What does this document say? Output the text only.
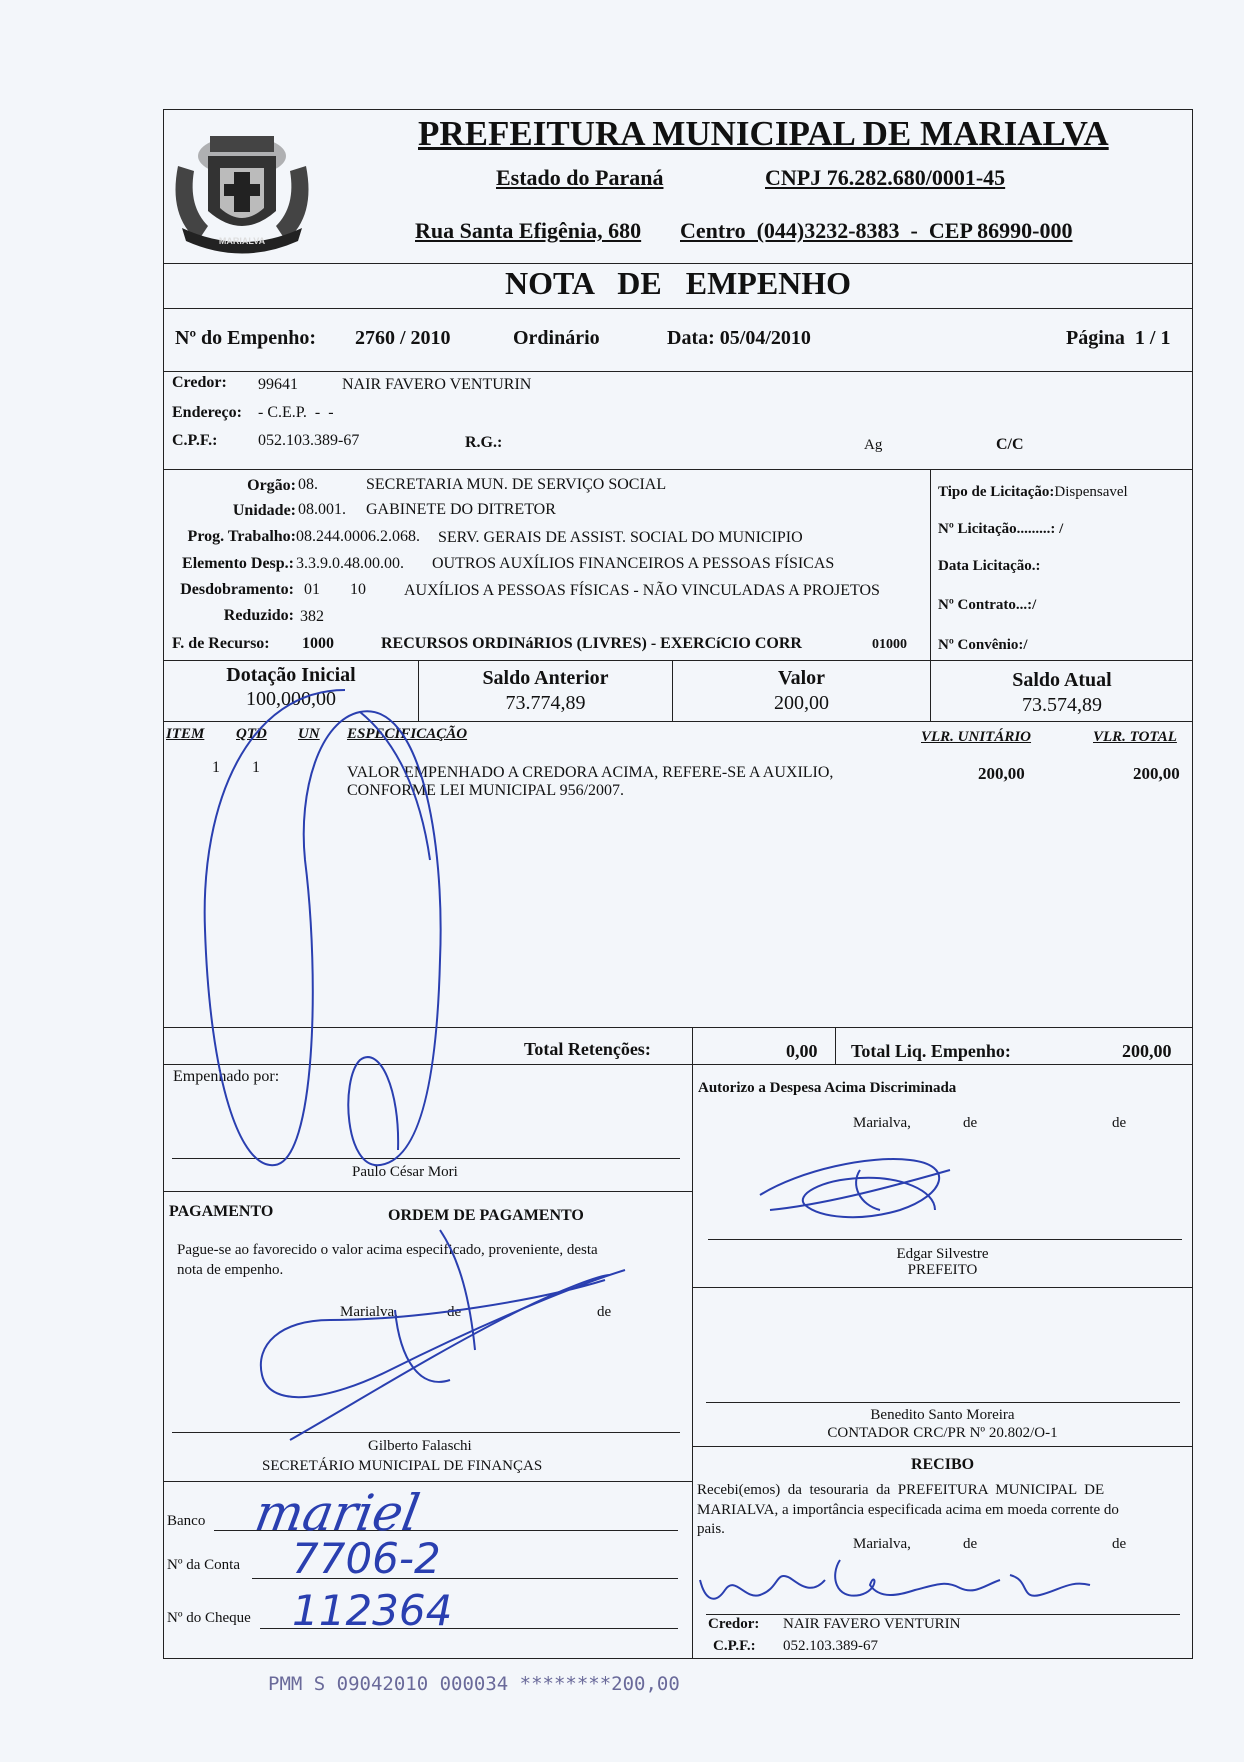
MARIALVA
PREFEITURA MUNICIPAL DE MARIALVA
Estado do Paraná	CNPJ 76.282.680/0001-45
Rua Santa Efigênia, 680 Centro  (044)3232-8383  -  CEP 86990-000
NOTA   DE   EMPENHO
Nº do Empenho: 2760 / 2010	Ordinário	Data: 05/04/2010	Página  1 / 1
Credor: 99641	NAIR FAVERO VENTURIN
Endereço: - C.E.P.  -  -
C.P.F.:	052.103.389-67	R.G.:	Ag	C/C
Orgão: 08.	SECRETARIA MUN. DE SERVIÇO SOCIAL
Unidade: 08.001. GABINETE DO DITRETOR
Prog. Trabalho: 08.244.0006.2.068. SERV. GERAIS DE ASSIST. SOCIAL DO MUNICIPIO
Elemento Desp.: 3.3.9.0.48.00.00. OUTROS AUXÍLIOS FINANCEIROS A PESSOAS FÍSICAS
Desdobramento: 01 10 AUXÍLIOS A PESSOAS FÍSICAS - NÃO VINCULADAS A PROJETOS
Reduzido: 382
F. de Recurso: 1000	RECURSOS ORDINáRIOS (LIVRES) - EXERCíCIO CORR	01000
Tipo de Licitação:Dispensavel
Nº Licitação.........: /
Data Licitação.:
Nº Contrato...:/
Nº Convênio:/
Dotação Inicial
100,000,00
Saldo Anterior
73.774,89
Valor
200,00
Saldo Atual
73.574,89
ITEM QTD UN ESPECIFICAÇÃO	VLR. UNITÁRIO	VLR. TOTAL
1 1	VALOR EMPENHADO A CREDORA ACIMA, REFERE-SE A AUXILIO,
CONFORME LEI MUNICIPAL 956/2007.
200,00	200,00
Total Retenções:	0,00 Total Liq. Empenho:	200,00
Empenhado por:
Paulo César Mori
Autorizo a Despesa Acima Discriminada
Marialva,	de	de
Edgar Silvestre
PREFEITO
PAGAMENTO	ORDEM DE PAGAMENTO
Pague-se ao favorecido o valor acima especificado, proveniente, desta
nota de empenho.
Marialva,	de	de
Gilberto Falaschi
SECRETÁRIO MUNICIPAL DE FINANÇAS
Benedito Santo Moreira
CONTADOR CRC/PR Nº 20.802/O-1
RECIBO
Recebi(emos)  da  tesouraria  da  PREFEITURA  MUNICIPAL  DE
MARIALVA, a importância especificada acima em moeda corrente do
pais.
Marialva,	de	de
Credor: NAIR FAVERO VENTURIN
C.P.F.: 052.103.389-67
Banco
Nº da Conta
Nº do Cheque
mariel
7706-2
112364
PMM S 09042010 000034 ********200,00
